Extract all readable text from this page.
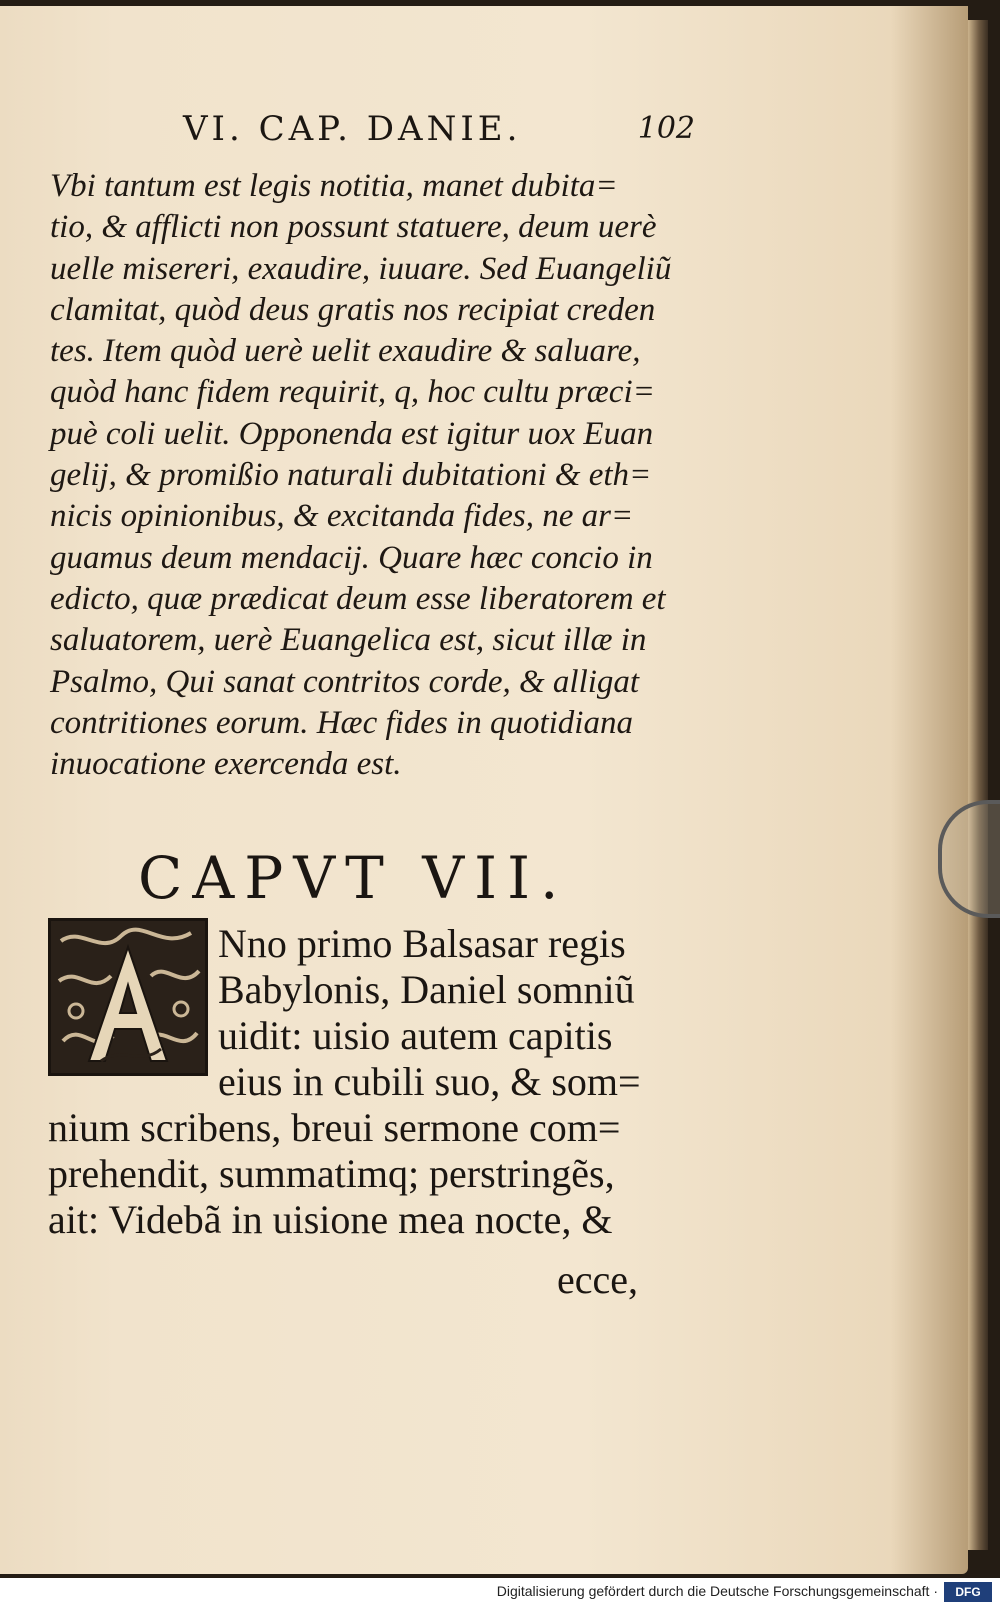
VI. CAP. DANIE.	102
Vbi tantum est legis notitia, manet dubita=
tio, & afflicti non possunt statuere, deum uerè
uelle misereri, exaudire, iuuare. Sed Euangeliũ
clamitat, quòd deus gratis nos recipiat creden
tes. Item quòd uerè uelit exaudire & saluare,
quòd hanc fidem requirit, q, hoc cultu præci=
puè coli uelit. Opponenda est igitur uox Euan
gelij, & promißio naturali dubitationi & eth=
nicis opinionibus, & excitanda fides, ne ar=
guamus deum mendacij. Quare hæc concio in
edicto, quæ prædicat deum esse liberatorem et
saluatorem, uerè Euangelica est, sicut illæ in
Psalmo, Qui sanat contritos corde, & alligat
contritiones eorum. Hæc fides in quotidiana
inuocatione exercenda est.
CAPVT VII.
Nno primo Balsasar regis
Babylonis, Daniel somniũ
uidit: uisio autem capitis
eius in cubili suo, & som=
nium scribens, breui sermone com=
prehendit, summatimq; perstringẽs,
ait: Videbã in uisione mea nocte, &
ecce,
Digitalisierung gefördert durch die Deutsche Forschungsgemeinschaft ·	DFG
